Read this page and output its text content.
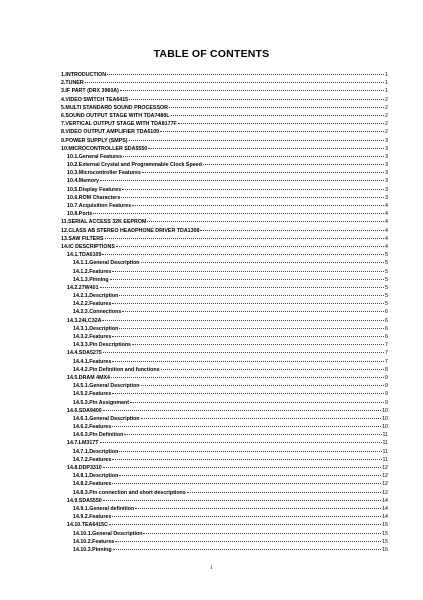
TABLE OF CONTENTS
1.INTRODUCTION	1
2.TUNER	1
3.IF PART (DRX 3960A)	1
4.VIDEO SWITCH TEA6415	2
5.MULTI STANDARD SOUND PROCESSOR	2
6.SOUND OUTPUT STAGE WITH TDA7480L	2
7.VERTICAL OUTPUT STAGE WITH TDA8177F	2
8.VIDEO OUTPUT AMPLIFIER TDA6109	2
9.POWER SUPPLY (SMPS)	3
10.MICROCONTROLLER SDA5550	3
10.1.General Features	3
10.2.External Crystal and Programmable Clock Speed	3
10.3.Microcontroller Features	3
10.4.Memory	3
10.5.Display Features	3
10.6.ROM Characters	3
10.7.Acquisition Features	4
10.8.Ports	4
11.SERIAL ACCESS 32K EEPROM	4
12.CLASS AB STEREO HEADPHONE DRIVER TDA1308	4
13.SAW FILTERS	4
14.IC DESCRIPTIONS	4
14.1.TDA6109	5
14.1.1.General Description	5
14.1.2.Features	5
14.1.3.Pinning	5
14.2.27W401	5
14.2.1.Description	5
14.2.2.Features	5
14.2.3.Connections	6
14.3.24LC32A	6
14.3.1.Description	6
14.3.2.Features	6
14.3.3.Pin Descriptions	7
14.4.SDA5275	7
14.4.1.Features	7
14.4.2.Pin Definition and functions	8
14.5.DRAM 4MX4	9
14.5.1.General Description	9
14.5.2.Features	9
14.5.3.Pin Assignment	9
14.6.SDA9400	10
14.6.1.General Description	10
14.6.2.Features	10
14.6.3.Pin Definition	11
14.7.LM317T	11
14.7.1.Description	11
14.7.2.Features	11
14.8.DDP3310	12
14.8.1.Description	12
14.8.2.Features	12
14.8.3.Pin connection and short descriptions	12
14.9.SDA5550	14
14.9.1.General definition	14
14.9.2.Features	14
14.10.TEA6415C	15
14.10.1.General Description	15
14.10.2.Features	15
14.10.3.Pinning	16
i
